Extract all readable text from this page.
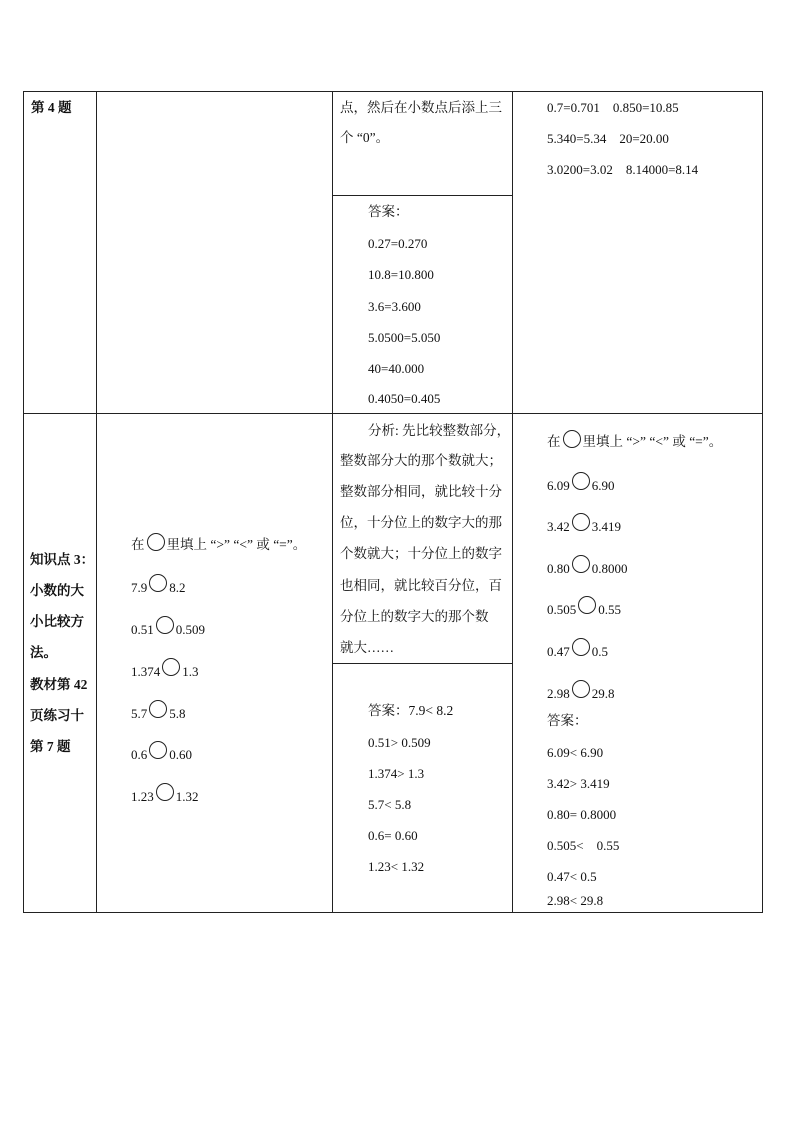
第 4 题	点，然后在小数点后添上三
个 “0”。
答案：
0.27=0.270
10.8=10.800
3.6=3.600
5.0500=5.050
40=40.000
0.4050=0.405
0.7=0.701    0.850=10.85
5.340=5.34    20=20.00
3.0200=3.02    8.14000=8.14
知识点 3：
小数的大
小比较方
法。
教材第 42
页练习十
第 7 题
在 里填上 “>” “<” 或 “=”。
7.9 8.2
0.51 0.509
1.374 1.3
5.7 5.8
0.6 0.60
1.23 1.32
分析: 先比较整数部分，
整数部分大的那个数就大；
整数部分相同，就比较十分
位，十分位上的数字大的那
个数就大；十分位上的数字
也相同，就比较百分位，百
分位上的数字大的那个数
就大……
答案：7.9< 8.2
0.51> 0.509
1.374> 1.3
5.7< 5.8
0.6= 0.60
1.23< 1.32
在 里填上 “>” “<” 或 “=”。
6.09 6.90
3.42 3.419
0.80 0.8000
0.505 0.55
0.47 0.5
2.98 29.8
答案：
6.09< 6.90
3.42> 3.419
0.80= 0.8000
0.505<    0.55
0.47< 0.5
2.98< 29.8
